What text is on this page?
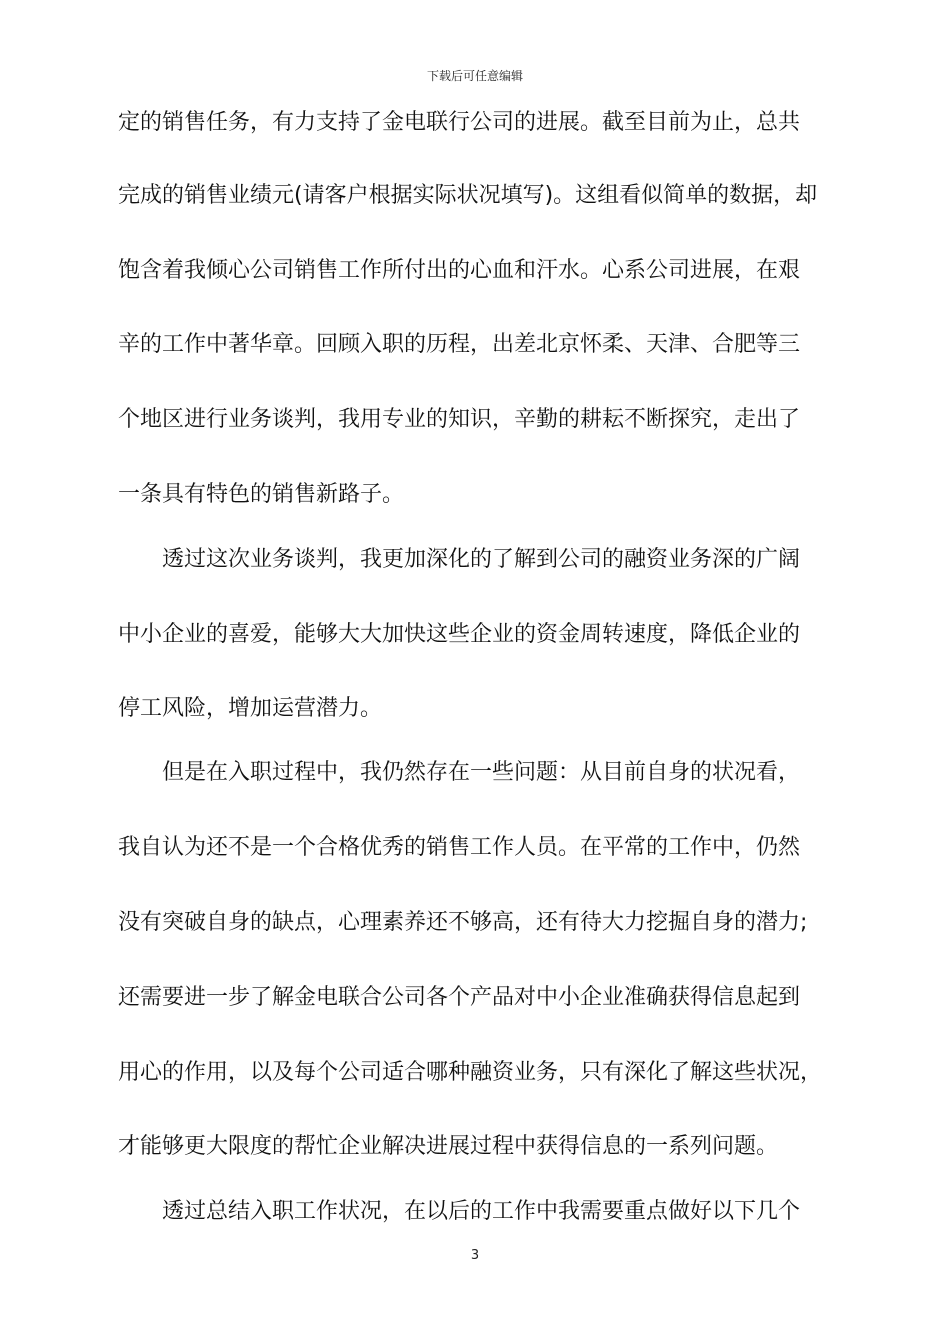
下载后可任意编辑
定的销售任务，有力支持了金电联行公司的进展。截至目前为止，总共
完成的销售业绩元(请客户根据实际状况填写)。这组看似简单的数据，却
饱含着我倾心公司销售工作所付出的心血和汗水。心系公司进展，在艰
辛的工作中著华章。回顾入职的历程，出差北京怀柔、天津、合肥等三
个地区进行业务谈判，我用专业的知识，辛勤的耕耘不断探究，走出了
一条具有特色的销售新路子。
透过这次业务谈判，我更加深化的了解到公司的融资业务深的广阔
中小企业的喜爱，能够大大加快这些企业的资金周转速度，降低企业的
停工风险，增加运营潜力。
但是在入职过程中，我仍然存在一些问题：从目前自身的状况看，
我自认为还不是一个合格优秀的销售工作人员。在平常的工作中，仍然
没有突破自身的缺点，心理素养还不够高，还有待大力挖掘自身的潜力;
还需要进一步了解金电联合公司各个产品对中小企业准确获得信息起到
用心的作用，以及每个公司适合哪种融资业务，只有深化了解这些状况，
才能够更大限度的帮忙企业解决进展过程中获得信息的一系列问题。
透过总结入职工作状况，在以后的工作中我需要重点做好以下几个
3
